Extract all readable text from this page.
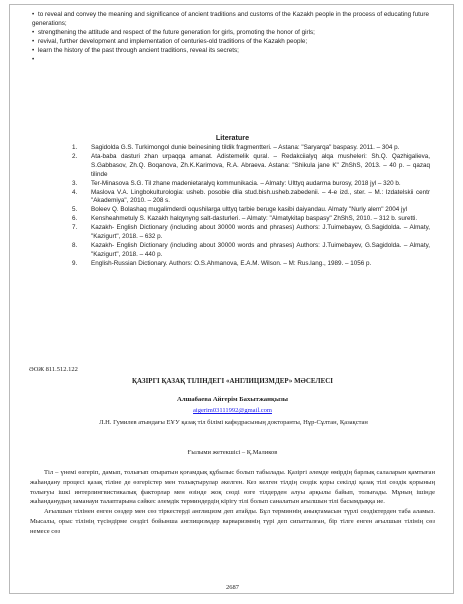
• to reveal and convey the meaning and significance of ancient traditions and customs of the Kazakh people in the process of educating future generations;

• strengthening the attitude and respect of the future generation for girls, promoting the honor of girls;

• revival, further development and implementation of centuries-old traditions of the Kazakh people;

• learn the history of the past through ancient traditions, reveal its secrets;

•

Literature
1. Sagidolda G.S. Turkimongol dunie beinesining tildik fragmentteri. – Astana: "Saryarqa" baspasy. 2011. – 304 p.
2. Ata-baba dasturi zhan urpaqqa amanat. Adistemelik qural. – Redakciialyq alqa musheleri: Sh.Q. Qazhigalieva, S.Gabbasov, Zh.Q. Boqanova, Zh.K.Karimova, R.A. Abraeva. Astana: "Shikula jane K" ZhShS, 2013. – 40 p. – qazaq tilinde
3. Ter-Minasova S.G. Til zhane madenietaralyq kommunikacia. – Almaty: Ulttyq audarma burosy, 2018 jyl – 320 b.
4. Maslova V.A. Lingbokulturologia: usheb. posobie dlia stud.bish.usheb.zabedenii. – 4-e izd., ster. – M.: Izdatelskii centr "Akademiya", 2010. – 208 s.
5. Boleev Q. Bolashaq mugalimderdi oqushilarga ulttyq tarbie beruge kasibi daiyandau. Almaty "Nurly alem" 2004 jyl
6. Kensheahmetuly S. Kazakh halqynyng salt-dasturleri. – Almaty: "Almatykitap baspasy" ZhShS, 2010. – 312 b. surettі.
7. Kazakh- English Dictionary (including about 30000 words and phrases) Authors: J.Tuimebayev, G.Sagidolda. – Almaty, "Kazigurt", 2018. – 632 p.
8. Kazakh- English Dictionary (including about 30000 words and phrases) Authors: J.Tuimebayev, G.Sagidolda. – Almaty, "Kazigurt", 2018. – 440 p.
9. English-Russian Dictionary. Authors: O.S.Ahmanova, E.A.M. Wilson. – M: Rus.lang., 1989. – 1056 p.
ӘОЖ 811.512.122
ҚАЗІРГІ ҚАЗАҚ ТІЛІНДЕГІ «АНГЛИЦИЗМДЕР» МӘСЕЛЕСІ
Алшабаева Айгерім Бахытжанқызы
aigerim03111992@gmail.com
Л.Н. Гумилев атындағы ЕҰУ қазақ тіл білімі кафедрасының докторанты, Нұр-Сұлтан, Қазақстан
Ғылыми жетекшісі – Қ.Маликов

Тіл – үнемі өзгеріп, дамып, толығып отыратын қоғамдық құбылыс болып табылады. Қазіргі әлемде өмірдің барлық салаларын қамтыған жаһандану процесі қазақ тіліне де өзгерістер мен толықтырулар әкелген. Кез келген тілдің сөздік қоры секілді қазақ тілі сөздік қорының толығуы ішкі интерлингвистикалық факторлар мен өзінде жоқ сөзді өзге тілдерден алуы арқылы байып, толығады. Мұның ішінде жаһанданудың заманауи талаптарына сәйкес әлемдік терминдердің кірігу тілі болып саналатын ағылшын тілі басымдыққа ие.

Ағылшын тілінен енген сөздер мен сөз тіркестерді англицизм деп атайды. Бұл терминнің анықтамасын түрлі сөздіктерден таба аламыз. Мысалы, орыс тілінің түсіндірме сөздігі бойынша англицизмдер варваризмнің түрі деп сипатталған, бір тілге енген ағылшын тілінің сөз немесе сөз

2687
